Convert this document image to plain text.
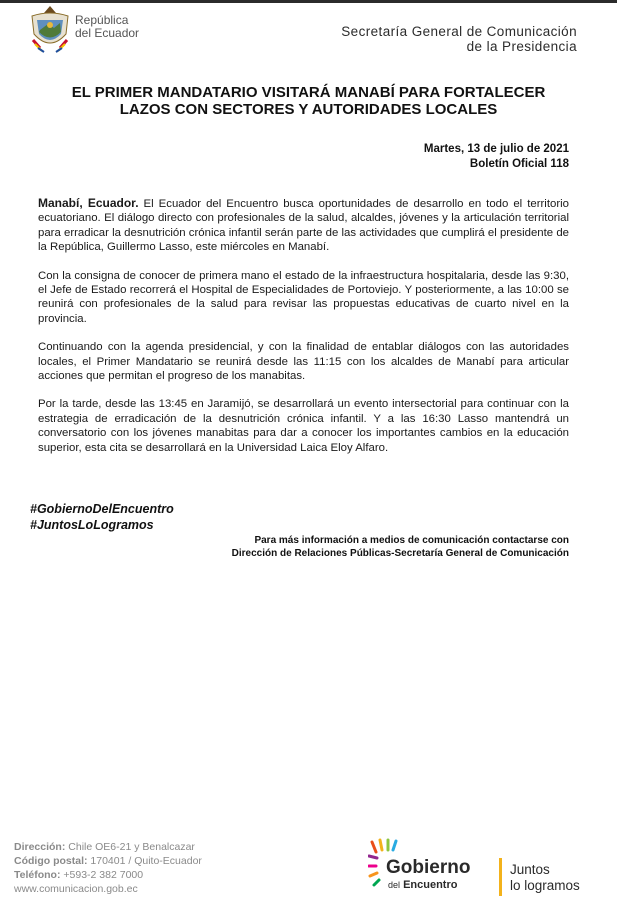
República
del Ecuador	Secretaría General de Comunicación
de la Presidencia
EL PRIMER MANDATARIO VISITARÁ MANABÍ PARA FORTALECER
LAZOS CON SECTORES Y AUTORIDADES LOCALES
Martes, 13 de julio de 2021
Boletín Oficial 118

Manabí, Ecuador. El Ecuador del Encuentro busca oportunidades de desarrollo en todo el territorio ecuatoriano. El diálogo directo con profesionales de la salud, alcaldes, jóvenes y la articulación territorial para erradicar la desnutrición crónica infantil serán parte de las actividades que cumplirá el presidente de la República, Guillermo Lasso, este miércoles en Manabí.

Con la consigna de conocer de primera mano el estado de la infraestructura hospitalaria, desde las 9:30, el Jefe de Estado recorrerá el Hospital de Especialidades de Portoviejo. Y posteriormente, a las 10:00 se reunirá con profesionales de la salud para revisar las propuestas educativas de cuarto nivel en la provincia.

Continuando con la agenda presidencial, y con la finalidad de entablar diálogos con las autoridades locales, el Primer Mandatario se reunirá desde las 11:15 con los alcaldes de Manabí para articular acciones que permitan el progreso de los manabitas.

Por la tarde, desde las 13:45 en Jaramijó, se desarrollará un evento intersectorial para continuar con la estrategia de erradicación de la desnutrición crónica infantil. Y a las 16:30 Lasso mantendrá un conversatorio con los jóvenes manabitas para dar a conocer los importantes cambios en la educación superior, esta cita se desarrollará en la Universidad Laica Eloy Alfaro.

#GobiernoDelEncuentro
#JuntosLoLogramos
Para más información a medios de comunicación contactarse con
Dirección de Relaciones Públicas-Secretaría General de Comunicación
Dirección: Chile OE6-21 y Benalcazar
Código postal: 170401 / Quito-Ecuador
Teléfono: +593-2 382 7000
www.comunicacion.gob.ec
Gobierno
del Encuentro
Juntos
lo logramos
